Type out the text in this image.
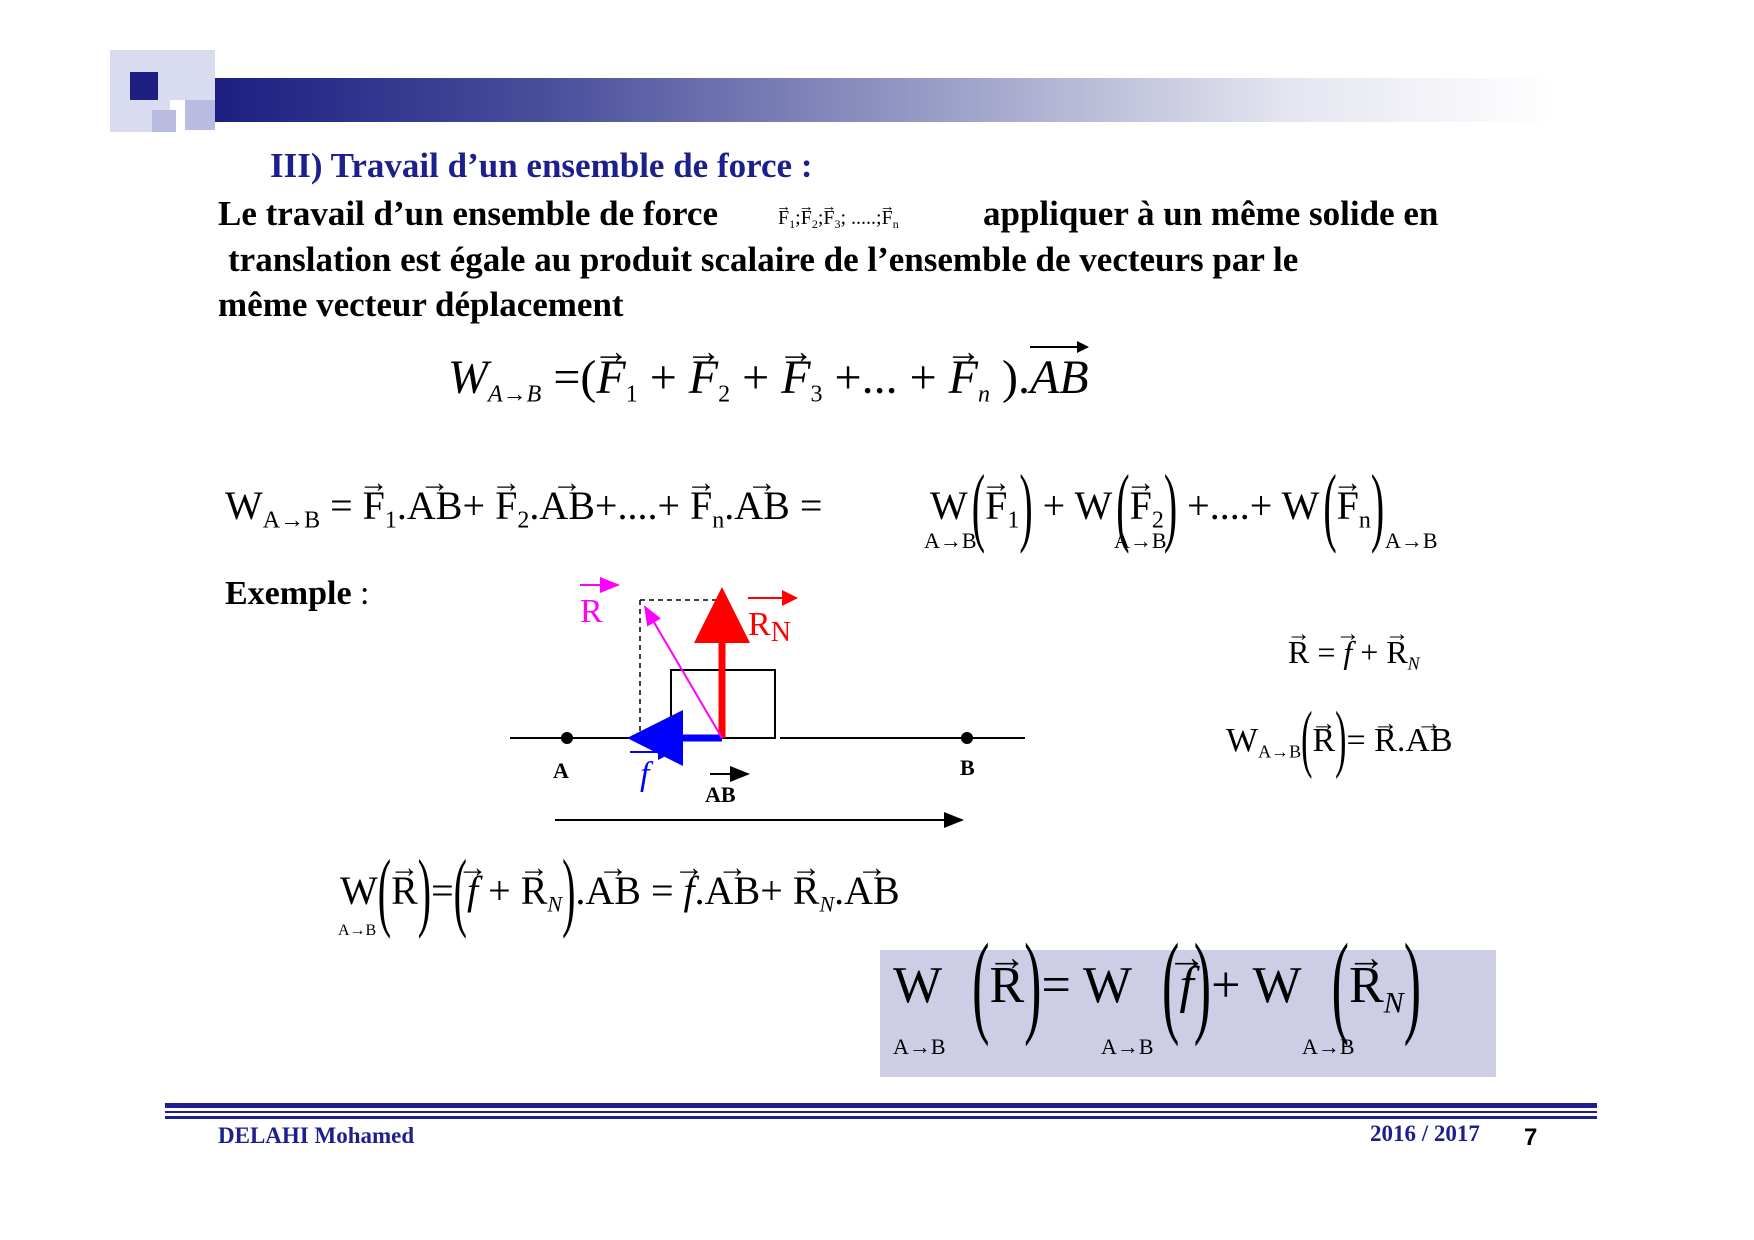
III) Travail d’un ensemble de force :
Le travail d’un ensemble de force
→	$F_1;\to$ $F_2;\to F_3$; .....;→ $F_n$ appliquer à un même solide en
translation est égale au produit scalaire de l’ensemble de vecteurs par le
même vecteur déplacement
$W_{A\to B}$ =(→ $F_1$ + → $F_2$ + → $F_3$ +... + → $F_n$ ).AB
$W_{A\to B}$ = → $F_1.\to AB+ \to F_2.\to AB+....+ \to F_n.\to$ AB =	W (→ $F_1) + W$ (→ $F_2$) +....+ W (→ $F_n$)
A→B	A→B	A→B
Exemple :	R	RN
f
AB
A	B
→ R = → f + → $R_N$
$W_{A\to B}(\to R)= \to R.\to$ AB
W(→ R)=(→ f + → $R_N).\to$ AB = → $f.\to AB+ \to R_N.\to$ AB
A→B
W (→ R)= W (→ f)+ W (→ $R_N$)
A→B	A→B	A→B
DELAHI Mohamed	2016 / 2017 7
